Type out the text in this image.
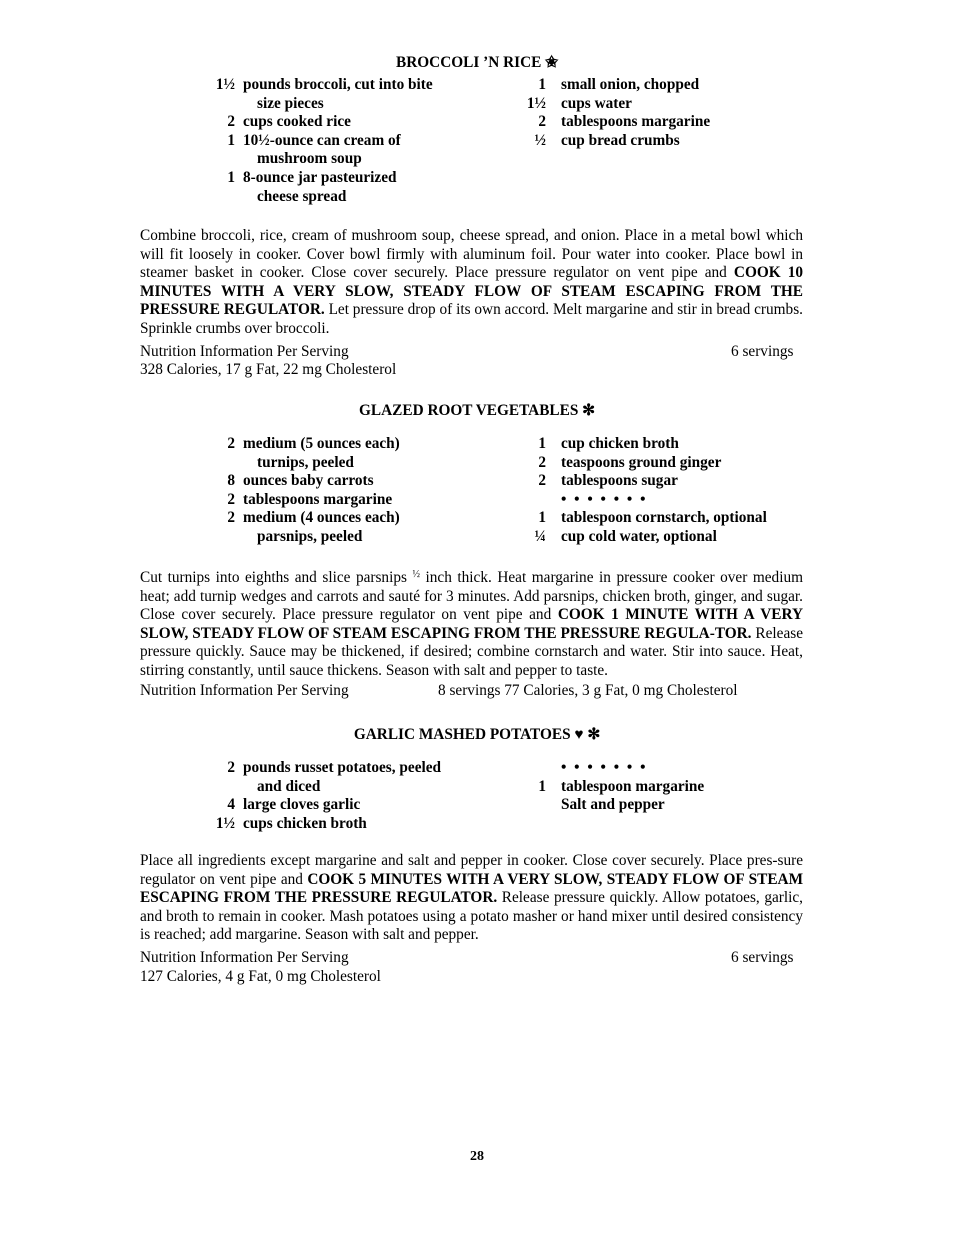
BROCCOLI ’N RICE ✬
1½ pounds broccoli, cut into bite
size pieces
2 cups cooked rice
1 10½-ounce can cream of
mushroom soup
1 8-ounce jar pasteurized
cheese spread
1 small onion, chopped
1½ cups water
2 tablespoons margarine
½ cup bread crumbs
Combine broccoli, rice, cream of mushroom soup, cheese spread, and onion. Place in a metal bowl which will fit loosely in cooker. Cover bowl firmly with aluminum foil. Pour water into cooker. Place bowl in steamer basket in cooker. Close cover securely. Place pressure regulator on vent pipe and COOK 10 MINUTES WITH A VERY SLOW, STEADY FLOW OF STEAM ESCAPING FROM THE PRESSURE REGULATOR. Let pressure drop of its own accord. Melt margarine and stir in bread crumbs. Sprinkle crumbs over broccoli.
Nutrition Information Per Serving	6 servings
328 Calories, 17 g Fat, 22 mg Cholesterol
GLAZED ROOT VEGETABLES ✻
2 medium (5 ounces each)
turnips, peeled
8 ounces baby carrots
2 tablespoons margarine
2 medium (4 ounces each)
parsnips, peeled
1 cup chicken broth
2 teaspoons ground ginger
2 tablespoons sugar
• • • • • • •
1 tablespoon cornstarch, optional
¼ cup cold water, optional
Cut turnips into eighths and slice parsnips $^{\frac{1}{2}}$ inch thick. Heat margarine in pressure cooker over medium heat; add turnip wedges and carrots and sauté for 3 minutes. Add parsnips, chicken broth, ginger, and sugar. Close cover securely. Place pressure regulator on vent pipe and COOK 1 MINUTE WITH A VERY SLOW, STEADY FLOW OF STEAM ESCAPING FROM THE PRESSURE REGULA-TOR. Release pressure quickly. Sauce may be thickened, if desired; combine cornstarch and water. Stir into sauce. Heat, stirring constantly, until sauce thickens. Season with salt and pepper to taste.
Nutrition Information Per Serving	8 servings 77 Calories, 3 g Fat, 0 mg Cholesterol
GARLIC MASHED POTATOES ♥ ✻
2 pounds russet potatoes, peeled
and diced
4 large cloves garlic
1½ cups chicken broth
• • • • • • •
1 tablespoon margarine
Salt and pepper
Place all ingredients except margarine and salt and pepper in cooker. Close cover securely. Place pres-sure regulator on vent pipe and COOK 5 MINUTES WITH A VERY SLOW, STEADY FLOW OF STEAM ESCAPING FROM THE PRESSURE REGULATOR. Release pressure quickly. Allow potatoes, garlic, and broth to remain in cooker. Mash potatoes using a potato masher or hand mixer until desired consistency is reached; add margarine. Season with salt and pepper.
Nutrition Information Per Serving	6 servings
127 Calories, 4 g Fat, 0 mg Cholesterol
28
